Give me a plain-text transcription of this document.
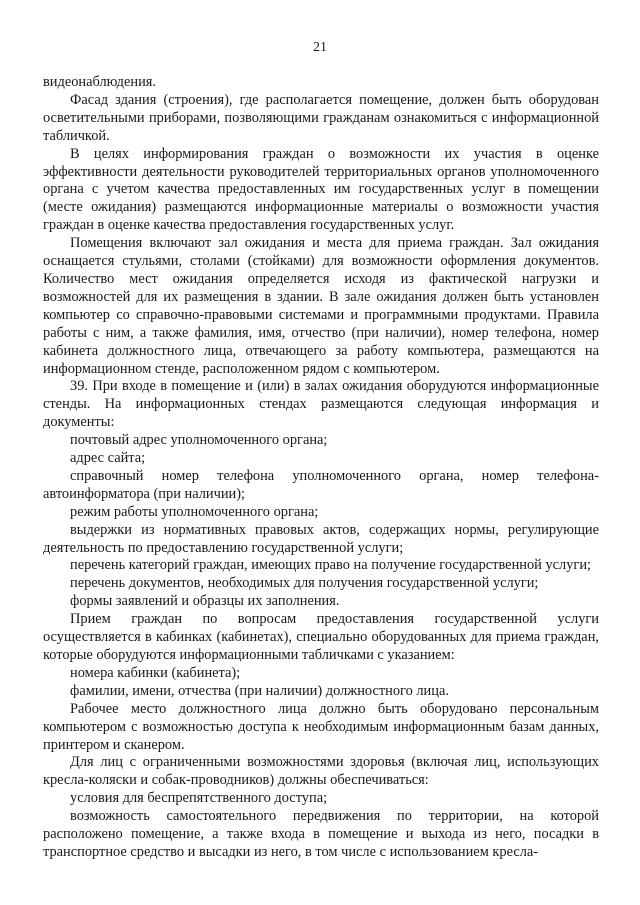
21

видеонаблюдения.

Фасад здания (строения), где располагается помещение, должен быть оборудован осветительными приборами, позволяющими гражданам ознакомиться с информационной табличкой.

В целях информирования граждан о возможности их участия в оценке эффективности деятельности руководителей территориальных органов уполномоченного органа с учетом качества предоставленных им государственных услуг в помещении (месте ожидания) размещаются информационные материалы о возможности участия граждан в оценке качества предоставления государственных услуг.

Помещения включают зал ожидания и места для приема граждан. Зал ожидания оснащается стульями, столами (стойками) для возможности оформления документов. Количество мест ожидания определяется исходя из фактической нагрузки и возможностей для их размещения в здании. В зале ожидания должен быть установлен компьютер со справочно-правовыми системами и программными продуктами. Правила работы с ним, а также фамилия, имя, отчество (при наличии), номер телефона, номер кабинета должностного лица, отвечающего за работу компьютера, размещаются на информационном стенде, расположенном рядом с компьютером.

39. При входе в помещение и (или) в залах ожидания оборудуются информационные стенды. На информационных стендах размещаются следующая информация и документы:

почтовый адрес уполномоченного органа;

адрес сайта;

справочный номер телефона уполномоченного органа, номер телефона-автоинформатора (при наличии);

режим работы уполномоченного органа;

выдержки из нормативных правовых актов, содержащих нормы, регулирующие деятельность по предоставлению государственной услуги;

перечень категорий граждан, имеющих право на получение государственной услуги;

перечень документов, необходимых для получения государственной услуги;

формы заявлений и образцы их заполнения.

Прием граждан по вопросам предоставления государственной услуги осуществляется в кабинках (кабинетах), специально оборудованных для приема граждан, которые оборудуются информационными табличками с указанием:

номера кабинки (кабинета);

фамилии, имени, отчества (при наличии) должностного лица.

Рабочее место должностного лица должно быть оборудовано персональным компьютером с возможностью доступа к необходимым информационным базам данных, принтером и сканером.

Для лиц с ограниченными возможностями здоровья (включая лиц, использующих кресла-коляски и собак-проводников) должны обеспечиваться:

условия для беспрепятственного доступа;

возможность самостоятельного передвижения по территории, на которой расположено помещение, а также входа в помещение и выхода из него, посадки в транспортное средство и высадки из него, в том числе с использованием кресла-
